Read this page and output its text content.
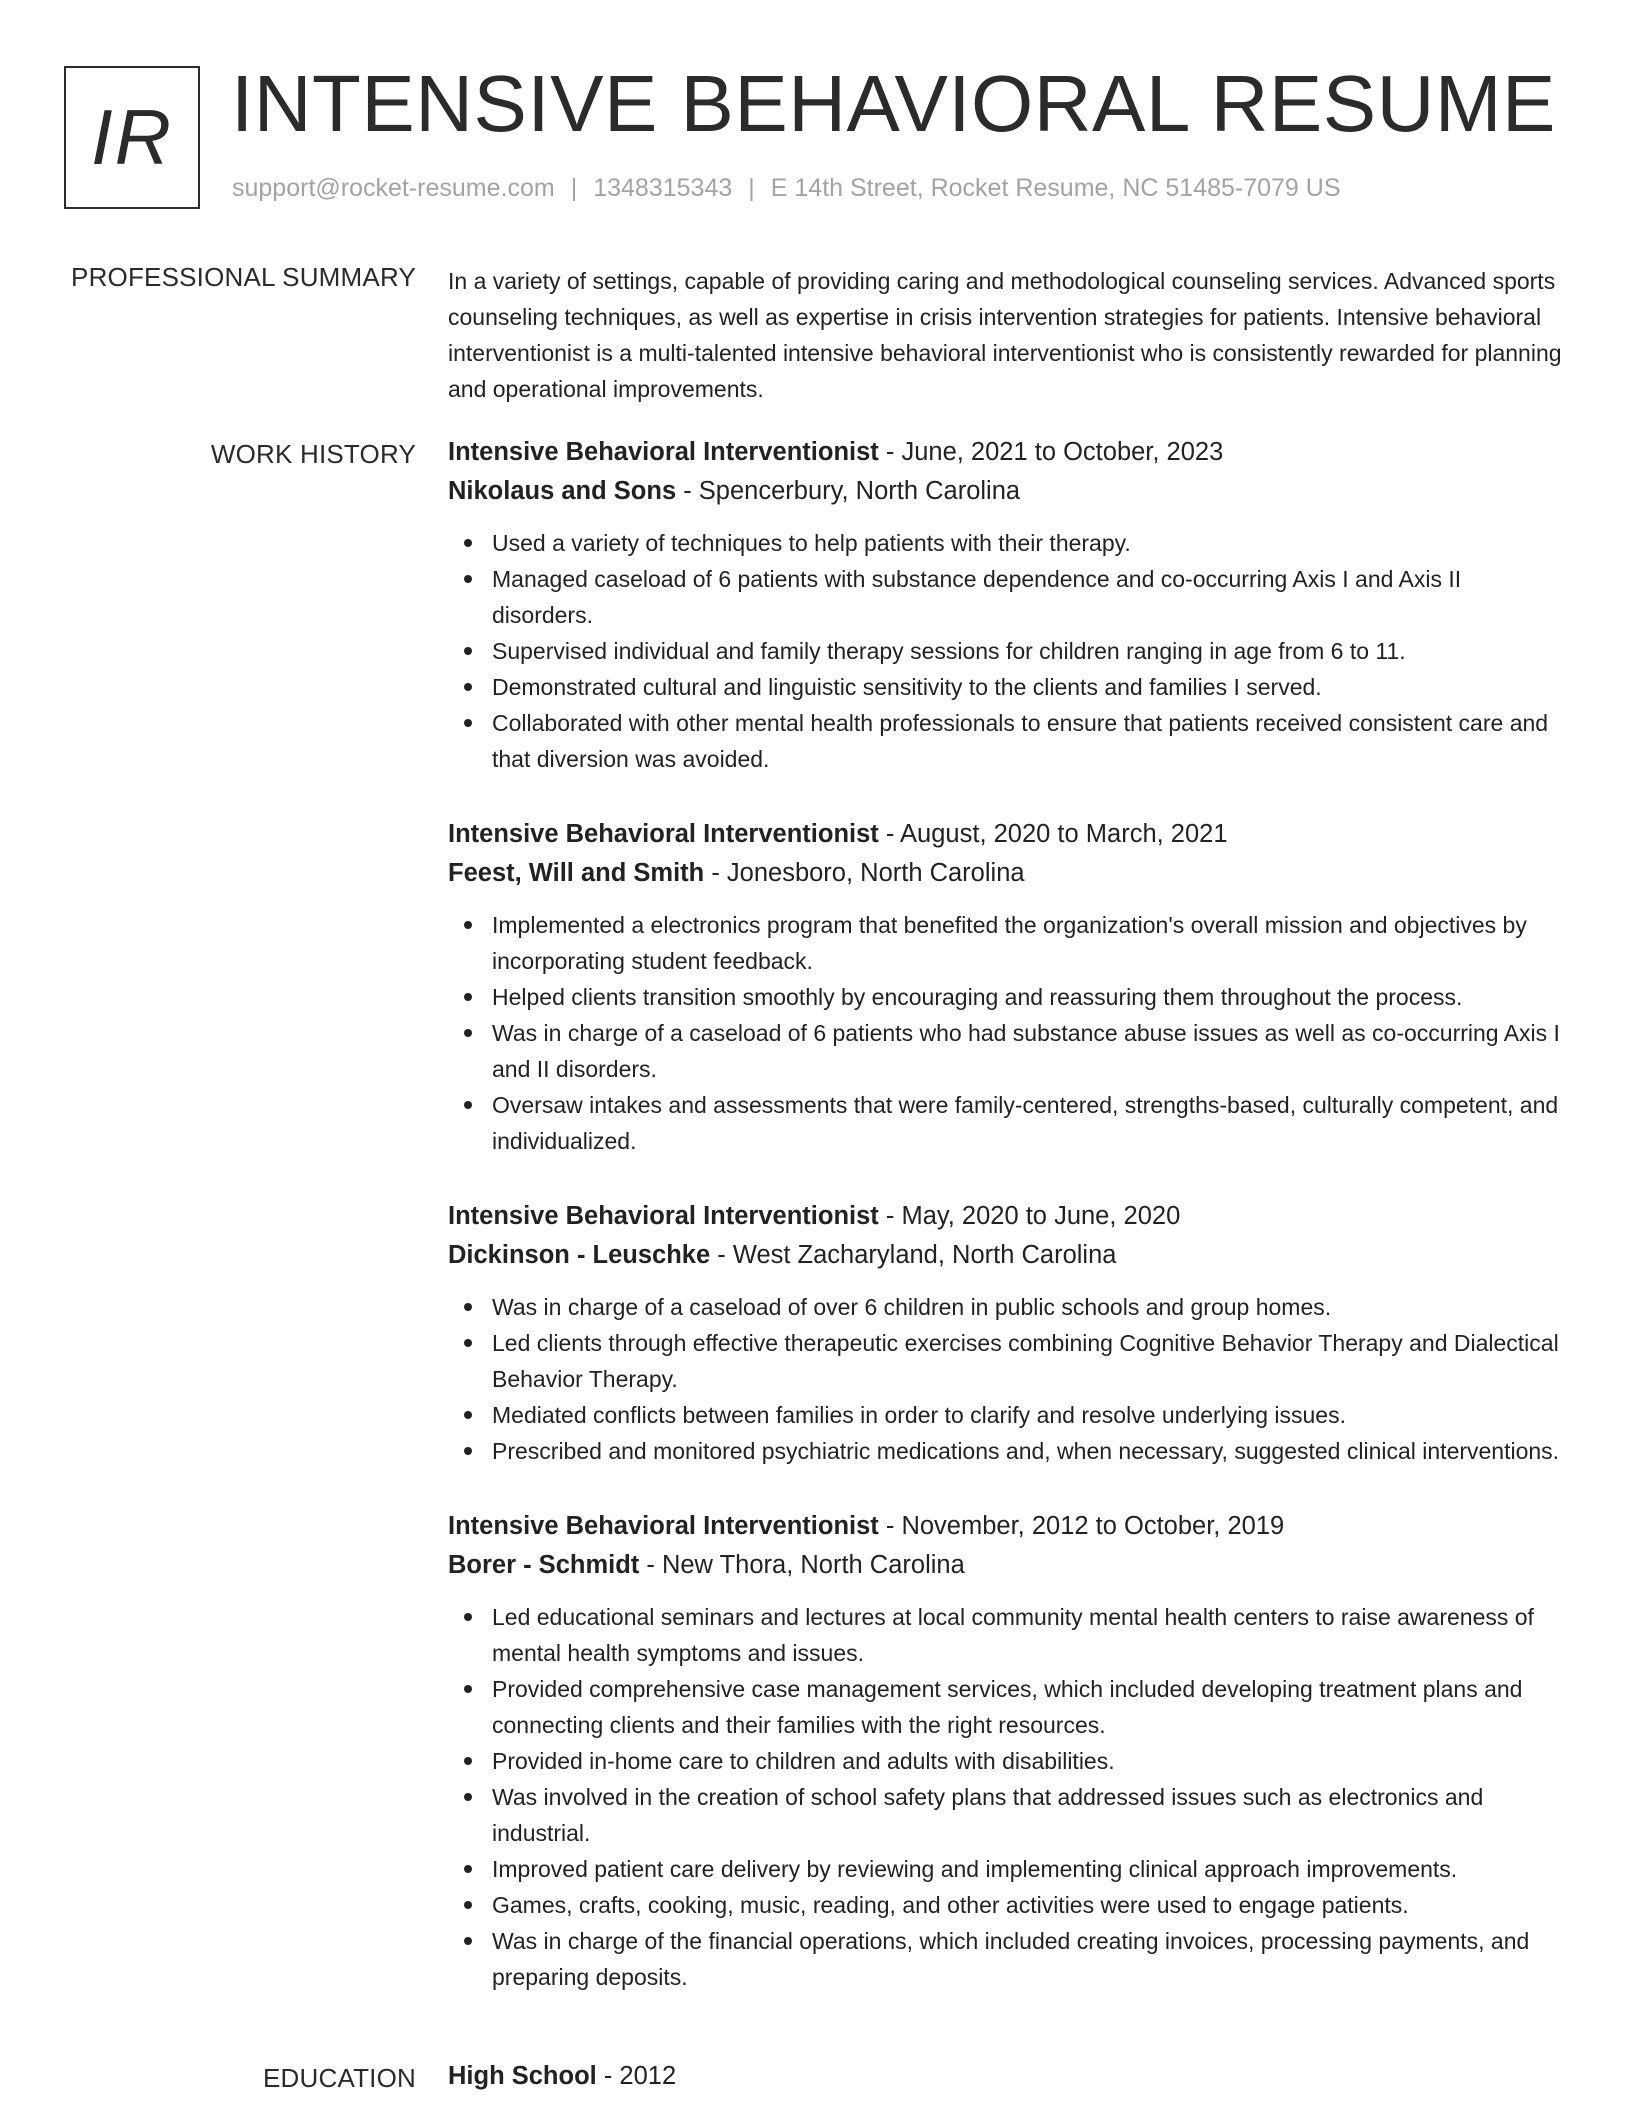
IR INTENSIVE BEHAVIORAL RESUME
support@rocket-resume.com | 1348315343 | E 14th Street, Rocket Resume, NC 51485-7079 US
PROFESSIONAL SUMMARY In a variety of settings, capable of providing caring and methodological counseling services. Advanced sports counseling techniques, as well as expertise in crisis intervention strategies for patients. Intensive behavioral interventionist is a multi-talented intensive behavioral interventionist who is consistently rewarded for planning and operational improvements.

WORK HISTORY Intensive Behavioral Interventionist - June, 2021 to October, 2023
Nikolaus and Sons - Spencerbury, North Carolina
Used a variety of techniques to help patients with their therapy.
Managed caseload of 6 patients with substance dependence and co-occurring Axis I and Axis II disorders.
Supervised individual and family therapy sessions for children ranging in age from 6 to 11.
Demonstrated cultural and linguistic sensitivity to the clients and families I served.
Collaborated with other mental health professionals to ensure that patients received consistent care and that diversion was avoided.
Intensive Behavioral Interventionist - August, 2020 to March, 2021
Feest, Will and Smith - Jonesboro, North Carolina
Implemented a electronics program that benefited the organization's overall mission and objectives by incorporating student feedback.
Helped clients transition smoothly by encouraging and reassuring them throughout the process.
Was in charge of a caseload of 6 patients who had substance abuse issues as well as co-occurring Axis I and II disorders.
Oversaw intakes and assessments that were family-centered, strengths-based, culturally competent, and individualized.
Intensive Behavioral Interventionist - May, 2020 to June, 2020
Dickinson - Leuschke - West Zacharyland, North Carolina
Was in charge of a caseload of over 6 children in public schools and group homes.
Led clients through effective therapeutic exercises combining Cognitive Behavior Therapy and Dialectical Behavior Therapy.
Mediated conflicts between families in order to clarify and resolve underlying issues.
Prescribed and monitored psychiatric medications and, when necessary, suggested clinical interventions.
Intensive Behavioral Interventionist - November, 2012 to October, 2019
Borer - Schmidt - New Thora, North Carolina
Led educational seminars and lectures at local community mental health centers to raise awareness of mental health symptoms and issues.
Provided comprehensive case management services, which included developing treatment plans and connecting clients and their families with the right resources.
Provided in-home care to children and adults with disabilities.
Was involved in the creation of school safety plans that addressed issues such as electronics and industrial.
Improved patient care delivery by reviewing and implementing clinical approach improvements.
Games, crafts, cooking, music, reading, and other activities were used to engage patients.
Was in charge of the financial operations, which included creating invoices, processing payments, and preparing deposits.
EDUCATION High School - 2012
